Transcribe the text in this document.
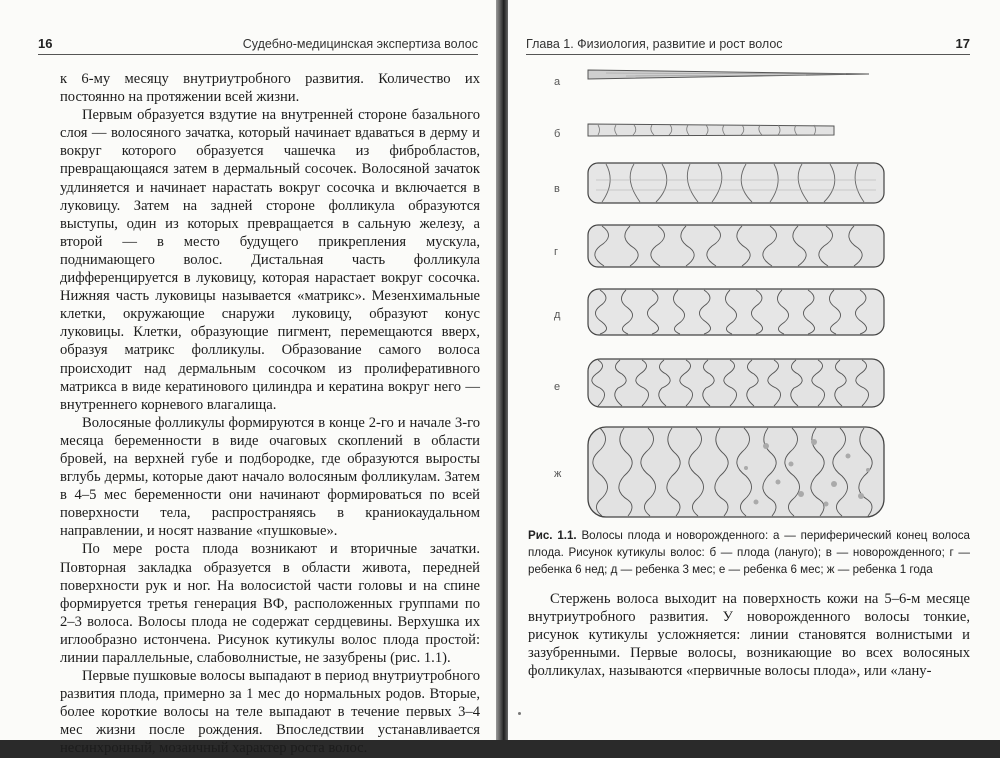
16	Судебно-медицинская экспертиза волос

к 6-му месяцу внутриутробного развития. Количество их постоянно на протяжении всей жизни.

Первым образуется вздутие на внутренней стороне базального слоя — волосяного зачатка, который начинает вдаваться в дерму и вокруг которого образуется чашечка из фибробластов, превращающаяся затем в дермальный сосочек. Волосяной зачаток удлиняется и начинает нарастать вокруг сосочка и включается в луковицу. Затем на задней стороне фолликула образуются выступы, один из которых превращается в сальную железу, а второй — в место будущего прикрепления мускула, поднимающего волос. Дистальная часть фолликула дифференцируется в луковицу, которая нарастает вокруг сосочка. Нижняя часть луковицы называется «матрикс». Мезенхимальные клетки, окружающие снаружи луковицу, образуют конус луковицы. Клетки, образующие пигмент, перемещаются вверх, образуя матрикс фолликулы. Образование самого волоса происходит над дермальным сосочком из пролиферативного матрикса в виде кератинового цилиндра и кератина вокруг него — внутреннего корневого влагалища.

Волосяные фолликулы формируются в конце 2-го и начале 3-го месяца беременности в виде очаговых скоплений в области бровей, на верхней губе и подбородке, где образуются выросты вглубь дермы, которые дают начало волосяным фолликулам. Затем в 4–5 мес беременности они начинают формироваться по всей поверхности тела, распространяясь в краниокаудальном направлении, и носят название «пушковые».

По мере роста плода возникают и вторичные зачатки. Повторная закладка образуется в области живота, передней поверхности рук и ног. На волосистой части головы и на спине формируется третья генерация ВФ, расположенных группами по 2–3 волоса. Волосы плода не содержат сердцевины. Верхушка их иглообразно истончена. Рисунок кутикулы волос плода простой: линии параллельные, слабоволнистые, не зазубрены (рис. 1.1).

Первые пушковые волосы выпадают в период внутриутробного развития плода, примерно за 1 мес до нормальных родов. Вторые, более короткие волосы на теле выпадают в течение первых 3–4 мес жизни после рождения. Впоследствии устанавливается несинхронный, мозаичный характер роста волос.

Глава 1. Физиология, развитие и рост волос	17
а
б
в
г
д
е
ж
Рис. 1.1. Волосы плода и новорожденного: а — периферический конец волоса плода. Рисунок кутикулы волос: б — плода (лануго); в — новорожденного; г — ребенка 6 нед; д — ребенка 3 мес; е — ребенка 6 мес; ж — ребенка 1 года

Стержень волоса выходит на поверхность кожи на 5–6-м месяце внутриутробного развития. У новорожденного волосы тонкие, рисунок кутикулы усложняется: линии становятся волнистыми и зазубренными. Первые волосы, возникающие во всех волосяных фолликулах, называются «первичные волосы плода», или «лану-
